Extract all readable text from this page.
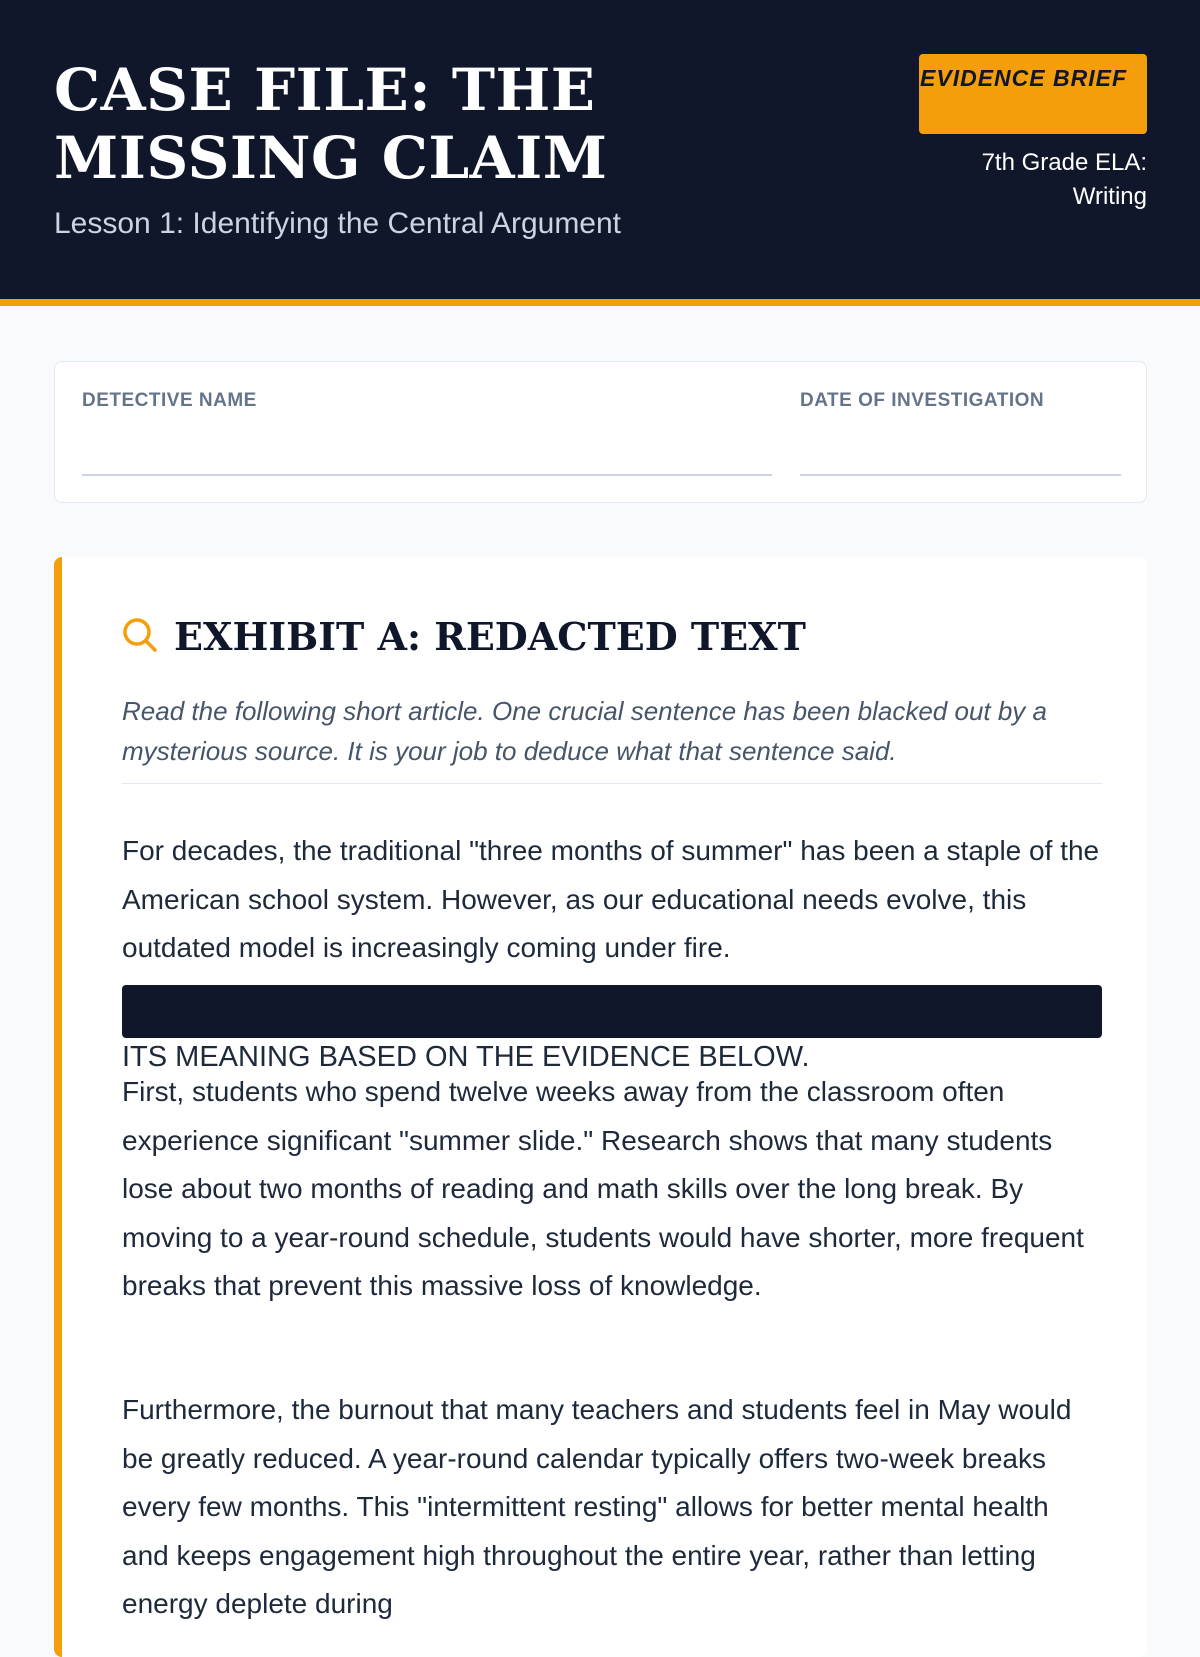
CASE FILE: THE MISSING CLAIM
Lesson 1: Identifying the Central Argument
EVIDENCE BRIEF
7th Grade ELA: Writing
DETECTIVE NAME	DATE OF INVESTIGATION
EXHIBIT A: REDACTED TEXT

Read the following short article. One crucial sentence has been blacked out by a mysterious source. It is your job to deduce what that sentence said.

For decades, the traditional "three months of summer" has been a staple of the American school system. However, as our educational needs evolve, this outdated model is increasingly coming under fire.

ITS MEANING BASED ON THE EVIDENCE BELOW.

First, students who spend twelve weeks away from the classroom often experience significant "summer slide." Research shows that many students lose about two months of reading and math skills over the long break. By moving to a year-round schedule, students would have shorter, more frequent breaks that prevent this massive loss of knowledge.

Furthermore, the burnout that many teachers and students feel in May would be greatly reduced. A year-round calendar typically offers two-week breaks every few months. This "intermittent resting" allows for better mental health and keeps engagement high throughout the entire year, rather than letting energy deplete during
